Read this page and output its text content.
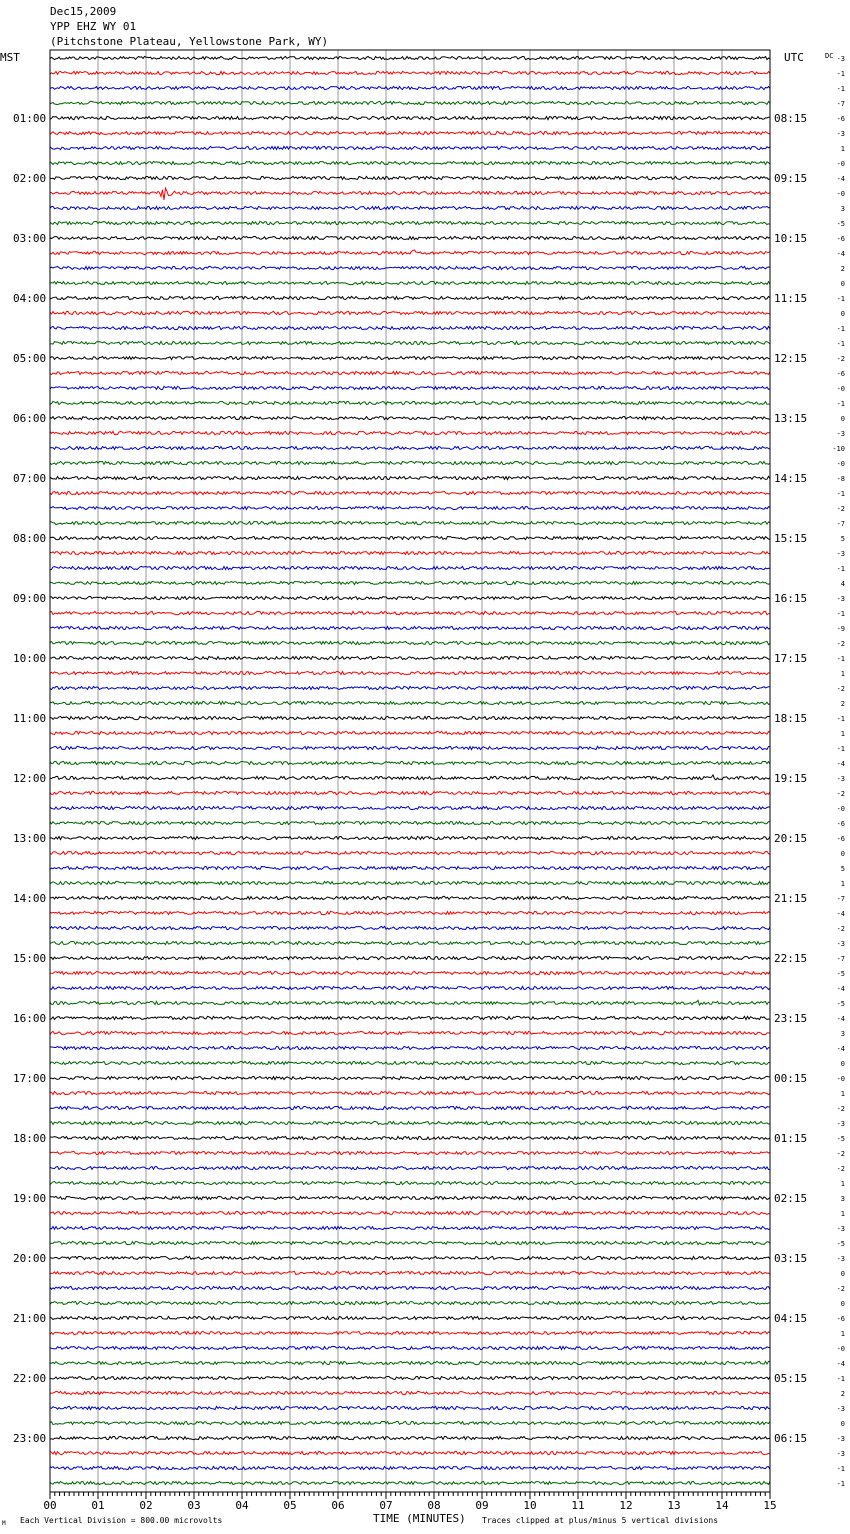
Dec15,2009
YPP EHZ WY 01
(Pitchstone Plateau, Yellowstone Park, WY)
MST	UTC	DC
01:00
02:00
03:00
04:00
05:00
06:00
07:00
08:00
09:00
10:00
11:00
12:00
13:00
14:00
15:00
16:00
17:00
18:00
19:00
20:00
21:00
22:00
23:00
08:15
09:15
10:15
11:15
12:15
13:15
14:15
15:15
16:15
17:15
18:15
19:15
20:15
21:15
22:15
23:15
00:15
01:15
02:15
03:15
04:15
05:15
06:15
-3
-1
-1
-7
-6
-3
1
-0
-4
-0
3
-5
-6
-4
2
0
-1
0
-1
-1
-2
-6
-0
-1
0
-3
-10
-0
-8
-1
-2
-7
5
-3
-1
4
-3
-1
-9
-2
-1
1
-2
2
-1
1
-1
-4
-3
-2
-0
-6
-6
0
5
1
-7
-4
-2
-3
-7
-5
-4
-5
-4
3
-4
0
-0
1
-2
-3
-5
-2
-2
1
3
1
-3
-5
-3
0
-2
0
-6
1
-0
-4
-1
2
-3
0
-3
-3
-1
-1
00	01	02	03	04	05	06	07	08	09	10	11	12	13	14	15
M Each Vertical Division = 800.00 microvolts	TIME (MINUTES) Traces clipped at plus/minus 5 vertical divisions
